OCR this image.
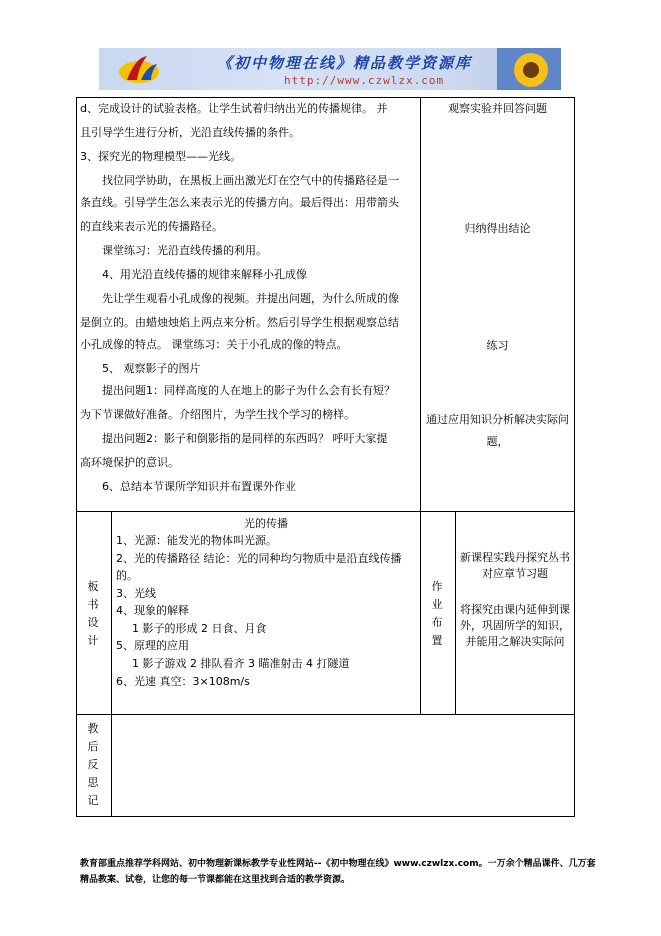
《初中物理在线》精品教学资源库
http://www.czwlzx.com
d、完成设计的试验表格。让学生试着归纳出光的传播规律。 并
且引导学生进行分析，光沿直线传播的条件。
3、探究光的物理模型——光线。
找位同学协助，在黑板上画出激光灯在空气中的传播路径是一
条直线。引导学生怎么来表示光的传播方向。最后得出：用带箭头
的直线来表示光的传播路径。
课堂练习：光沿直线传播的利用。
4、用光沿直线传播的规律来解释小孔成像
先让学生观看小孔成像的视频。并提出问题，为什么所成的像
是倒立的。由蜡烛烛焰上两点来分析。然后引导学生根据观察总结
小孔成像的特点。 课堂练习：关于小孔成的像的特点。
5、 观察影子的图片
提出问题1：同样高度的人在地上的影子为什么会有长有短？
为下节课做好准备。介绍图片，为学生找个学习的榜样。
提出问题2：影子和倒影指的是同样的东西吗？ 呼吁大家提
高环境保护的意识。
6、总结本节课所学知识并布置课外作业
观察实验并回答问题
归纳得出结论
练习
通过应用知识分析解决实际问题，
板书设计
光的传播
1、光源：能发光的物体叫光源。
2、光的传播路径 结论：光的同种均匀物质中是沿直线传播
的。
3、光线
4、现象的解释
1 影子的形成 2 日食、月食
5、原理的应用
1 影子游戏 2 排队看齐 3 瞄准射击 4 打隧道
6、光速 真空：3×108m/s
作业布置
新课程实践丹探究丛书对应章节习题
将探究由课内延伸到课外，巩固所学的知识，并能用之解决实际问
教后反思记
教育部重点推荐学科网站、初中物理新课标教学专业性网站--《初中物理在线》www.czwlzx.com。一万余个精品课件、几万套精品教案、试卷，让您的每一节课都能在这里找到合适的教学资源。
